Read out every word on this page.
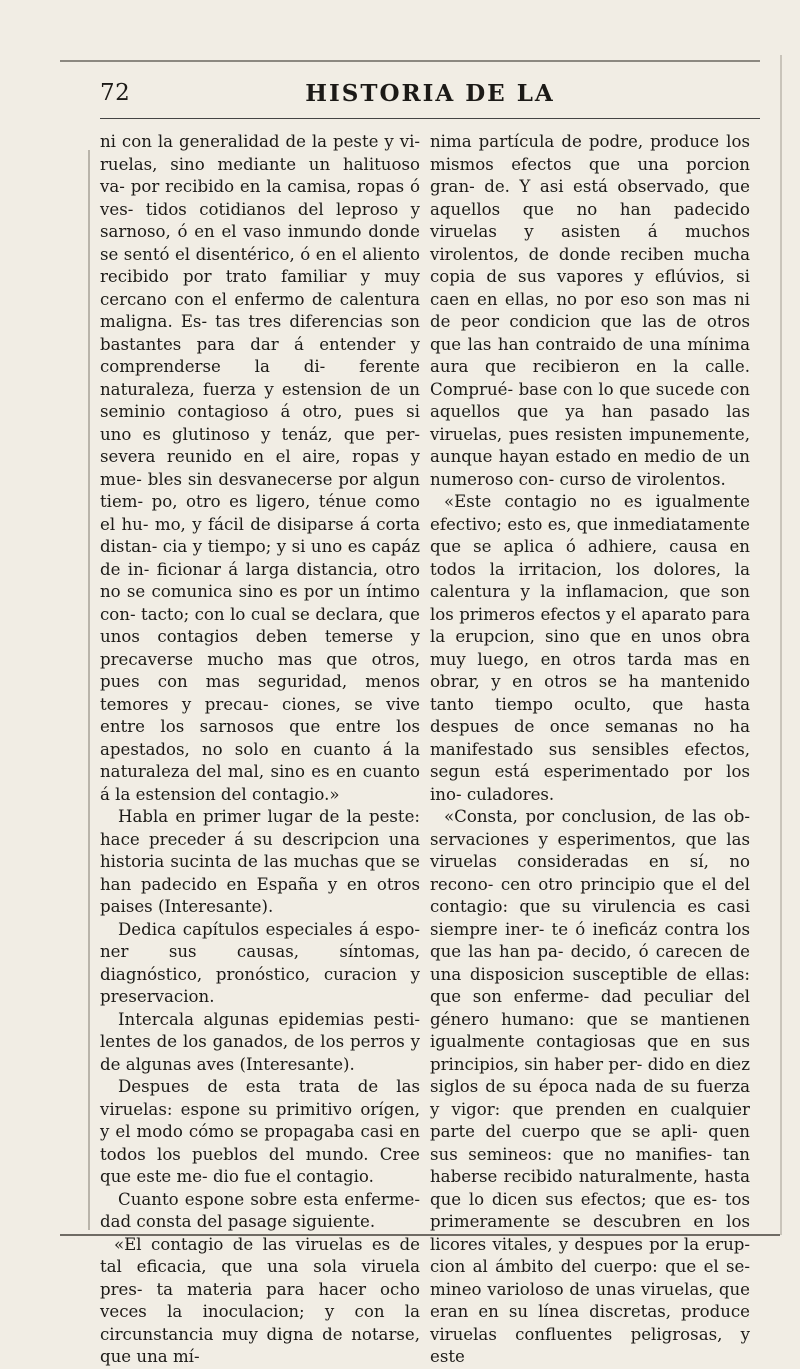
72	HISTORIA DE LA

ni con la generalidad de la peste y vi- ruelas, sino mediante un halituoso va- por recibido en la camisa, ropas ó ves- tidos cotidianos del leproso y sarnoso, ó en el vaso inmundo donde se sentó el disentérico, ó en el aliento recibido por trato familiar y muy cercano con el enfermo de calentura maligna. Es- tas tres diferencias son bastantes para dar á entender y comprenderse la di- ferente naturaleza, fuerza y estension de un seminio contagioso á otro, pues si uno es glutinoso y tenáz, que per- severa reunido en el aire, ropas y mue- bles sin desvanecerse por algun tiem- po, otro es ligero, ténue como el hu- mo, y fácil de disiparse á corta distan- cia y tiempo; y si uno es capáz de in- ficionar á larga distancia, otro no se comunica sino es por un íntimo con- tacto; con lo cual se declara, que unos contagios deben temerse y precaverse mucho mas que otros, pues con mas seguridad, menos temores y precau- ciones, se vive entre los sarnosos que entre los apestados, no solo en cuanto á la naturaleza del mal, sino es en cuanto á la estension del contagio.»

Habla en primer lugar de la peste: hace preceder á su descripcion una historia sucinta de las muchas que se han padecido en España y en otros paises (Interesante).

Dedica capítulos especiales á espo- ner sus causas, síntomas, diagnóstico, pronóstico, curacion y preservacion.

Intercala algunas epidemias pesti- lentes de los ganados, de los perros y de algunas aves (Interesante).

Despues de esta trata de las viruelas: espone su primitivo orígen, y el modo cómo se propagaba casi en todos los pueblos del mundo. Cree que este me- dio fue el contagio.

Cuanto espone sobre esta enferme- dad consta del pasage siguiente.

«El contagio de las viruelas es de tal eficacia, que una sola viruela pres- ta materia para hacer ocho veces la inoculacion; y con la circunstancia muy digna de notarse, que una mí-

nima partícula de podre, produce los mismos efectos que una porcion gran- de. Y asi está observado, que aquellos que no han padecido viruelas y asisten á muchos virolentos, de donde reciben mucha copia de sus vapores y eflúvios, si caen en ellas, no por eso son mas ni de peor condicion que las de otros que las han contraido de una mínima aura que recibieron en la calle. Comprué- base con lo que sucede con aquellos que ya han pasado las viruelas, pues resisten impunemente, aunque hayan estado en medio de un numeroso con- curso de virolentos.

«Este contagio no es igualmente efectivo; esto es, que inmediatamente que se aplica ó adhiere, causa en todos la irritacion, los dolores, la calentura y la inflamacion, que son los primeros efectos y el aparato para la erupcion, sino que en unos obra muy luego, en otros tarda mas en obrar, y en otros se ha mantenido tanto tiempo oculto, que hasta despues de once semanas no ha manifestado sus sensibles efectos, segun está esperimentado por los ino- culadores.

«Consta, por conclusion, de las ob- servaciones y esperimentos, que las viruelas consideradas en sí, no recono- cen otro principio que el del contagio: que su virulencia es casi siempre iner- te ó ineficáz contra los que las han pa- decido, ó carecen de una disposicion susceptible de ellas: que son enferme- dad peculiar del género humano: que se mantienen igualmente contagiosas que en sus principios, sin haber per- dido en diez siglos de su época nada de su fuerza y vigor: que prenden en cualquier parte del cuerpo que se apli- quen sus semineos: que no manifies- tan haberse recibido naturalmente, hasta que lo dicen sus efectos; que es- tos primeramente se descubren en los licores vitales, y despues por la erup- cion al ámbito del cuerpo: que el se- mineo varioloso de unas viruelas, que eran en su línea discretas, produce viruelas confluentes peligrosas, y este
